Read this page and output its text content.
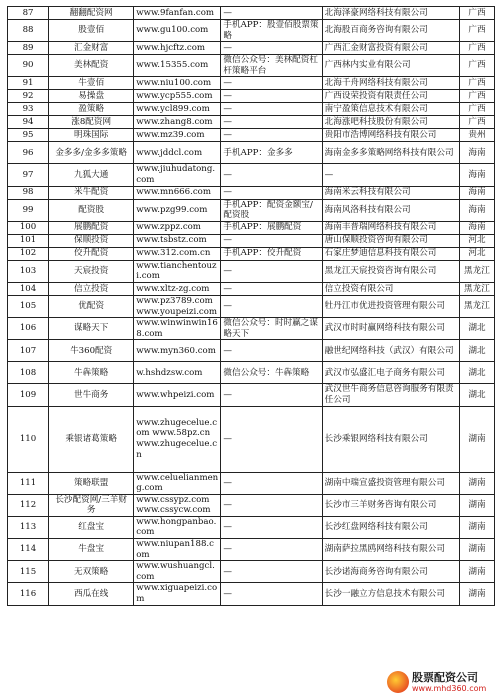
87	翻翻配资网	www.9fanfan.com	—	北海泽豪网络科技有限公司	广西
88	股壹佰	www.gu100.com	手机APP：股壹佰股票策略	北海股百商务咨询有限公司	广西
89	汇金财富	www.hjcftz.com	—	广西汇金财富投资有限公司	广西
90	美林配资	www.15355.com	微信公众号：美林配资杠杆策略平台	广西林内实业有限公司	广西
91	牛壹佰	www.niu100.com	—	北海千舟网络科技有限公司	广西
92	易操盘	www.ycp555.com	—	广西设荣投资有限责任公司	广西
93	盈策略	www.ycl899.com	—	南宁盈策信息技术有限公司	广西
94	涨8配资网	www.zhang8.com	—	北海涨吧科技股份有限公司	广西
95	明珠国际	www.mz39.com	—	贵阳市浩博网络科技有限公司	贵州
96	金多多/金多多策略	www.jddcl.com	手机APP：金多多	海南金多多策略网络科技有限公司	海南
97	九狐大通	www.jiuhudatong.com	—	—	海南
98	米牛配资	www.mn666.com	—	海南米云科技有限公司	海南
99	配资股	www.pzg99.com	手机APP：配资金额宝/配资股	海南风洛科技有限公司	海南
100	展鹏配资	www.zppz.com	手机APP：展鹏配资	海南丰普瑞网络科技有限公司	海南
101	保顺投资	www.tsbstz.com	—	唐山保顺投资咨询有限公司	河北
102	佼升配资	www.312.com.cn	手机APP：佼升配资	石家庄梦迪信息科技有限公司	河北
103	天宸投资	www.tianchentouzi.com	—	黑龙江天宸投资咨询有限公司	黑龙江
104	信立投资	www.xltz-zg.com	—	信立投资有限公司	黑龙江
105	优配资	www.pz3789.com www.youpeizi.com	—	牡丹江市优进投资管理有限公司	黑龙江
106	谋略天下	www.winwinwin168.com	微信公众号：时时赢之谋略天下	武汉市时时赢网络科技有限公司	湖北
107	牛360配资	www.myn360.com	—	融世纪网络科技（武汉）有限公司	湖北
108	牛犇策略	w.hshdzsw.com	微信公众号：牛犇策略	武汉市弘盛汇电子商务有限公司	湖北
109	世牛商务	www.whpeizi.com	—	武汉世牛商务信息咨询服务有限责任公司	湖北
110	乘银诸葛策略	www.zhugecelue.com www.58pz.cn www.zhugecelue.cn	—	长沙乘银网络科技有限公司	湖南
111	策略联盟	www.celuelianmeng.com	—	湖南中瑞宣盛投资管理有限公司	湖南
112	长沙配资网/三羊财务	www.cssypz.com www.cssycw.com	—	长沙市三羊财务咨询有限公司	湖南
113	红盘宝	www.hongpanbao.com	—	长沙红盘网络科技有限公司	湖南
114	牛盘宝	www.niupan188.com	—	湖南萨拉黑鸥网络科技有限公司	湖南
115	无双策略	www.wushuangcl.com	—	长沙诺海商务咨询有限公司	湖南
116	西瓜在线	www.xiguapeizi.com	—	长沙一融立方信息技术有限公司	湖南
股票配资公司
www.mhd360.com
